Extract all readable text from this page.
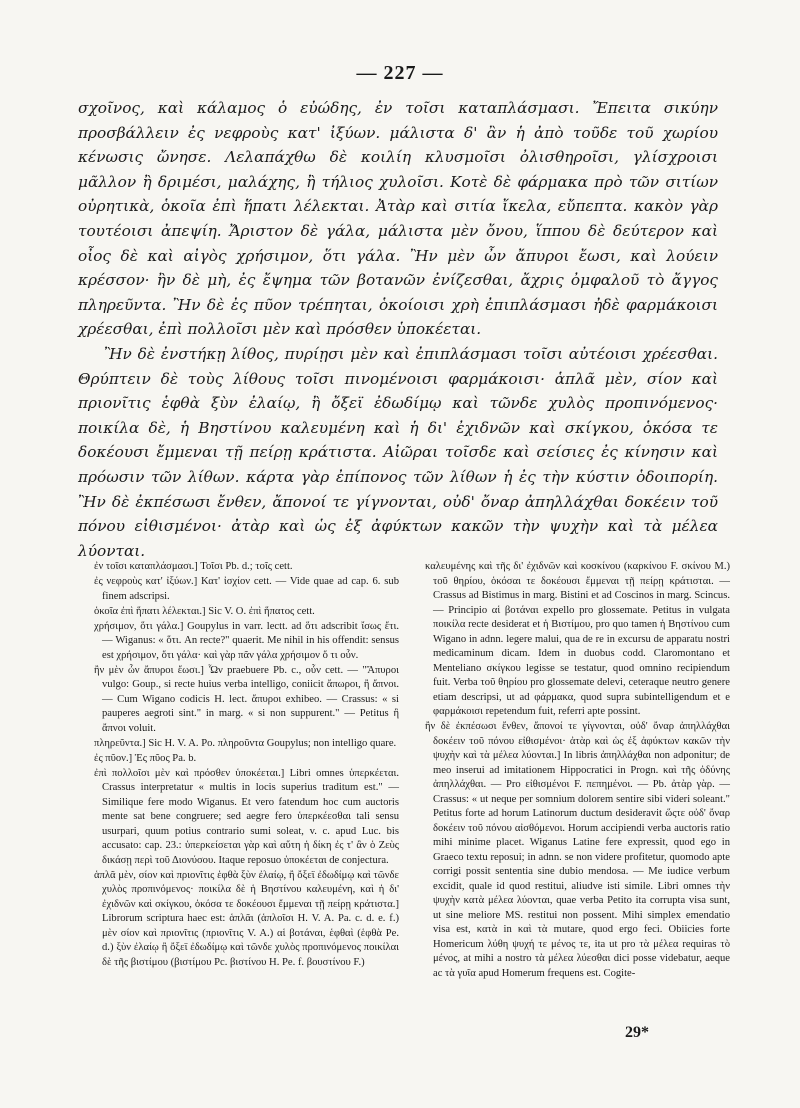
— 227 —

σχοῖνος, καὶ κάλαμος ὁ εὐώδης, ἐν τοῖσι καταπλάσμασι. Ἔπειτα σικύην προσβάλλειν ἐς νεφροὺς κατ' ἰξύων. μάλιστα δ' ἂν ἡ ἀπὸ τοῦδε τοῦ χωρίου κένωσις ὤνησε. Λελαπάχθω δὲ κοιλίη κλυσμοῖσι ὀλισθηροῖσι, γλίσχροισι μᾶλλον ἢ δριμέσι, μαλάχης, ἢ τήλιος χυλοῖσι. Κοτὲ δὲ φάρμακα πρὸ τῶν σιτίων οὐρητικὰ, ὁκοῖα ἐπὶ ἥπατι λέλεκται. Ἀτὰρ καὶ σιτία ἴκελα, εὔπεπτα. κακὸν γὰρ τουτέοισι ἀπεψίη. Ἄριστον δὲ γάλα, μάλιστα μὲν ὄνου, ἵππου δὲ δεύτερον καὶ οἶος δὲ καὶ αἰγὸς χρήσιμον, ὅτι γάλα. Ἢν μὲν ὦν ἄπυροι ἔωσι, καὶ λούειν κρέσσον· ἢν δὲ μὴ, ἐς ἔψημα τῶν βοτανῶν ἐνίζεσθαι, ἄχρις ὀμφαλοῦ τὸ ἄγγος πληρεῦντα. Ἢν δὲ ἐς πῦον τρέπηται, ὁκοίοισι χρὴ ἐπιπλάσμασι ἠδὲ φαρμάκοισι χρέεσθαι, ἐπὶ πολλοῖσι μὲν καὶ πρόσθεν ὑποκέεται.

Ἢν δὲ ἐνστήκῃ λίθος, πυρίῃσι μὲν καὶ ἐπιπλάσμασι τοῖσι αὐτέοισι χρέεσθαι. Θρύπτειν δὲ τοὺς λίθους τοῖσι πινομένοισι φαρμάκοισι· ἁπλᾶ μὲν, σίον καὶ πριονῖτις ἑφθὰ ξὺν ἐλαίῳ, ἢ ὄξεϊ ἐδωδίμῳ καὶ τῶνδε χυλὸς προπινόμενος· ποικίλα δὲ, ἡ Βηστίνου καλευμένη καὶ ἡ δι' ἐχιδνῶν καὶ σκίγκου, ὁκόσα τε δοκέουσι ἔμμεναι τῇ πείρῃ κράτιστα. Αἰῶραι τοῖσδε καὶ σείσιες ἐς κίνησιν καὶ πρόωσιν τῶν λίθων. κάρτα γὰρ ἐπίπονος τῶν λίθων ἡ ἐς τὴν κύστιν ὁδοιπορίη. Ἢν δὲ ἐκπέσωσι ἔνθεν, ἄπονοί τε γίγνονται, οὐδ' ὄναρ ἀπηλλάχθαι δοκέειν τοῦ πόνου εἰθισμένοι· ἀτὰρ καὶ ὡς ἐξ ἀφύκτων κακῶν τὴν ψυχὴν καὶ τὰ μέλεα λύονται.

ἐν τοῖσι καταπλάσμασι.] Τοῖσι Pb. d.; τοῖς cett.

ἐς νεφροὺς κατ' ἰξύων.] Κατ' ἰσχίον cett. — Vide quae ad cap. 6. sub finem adscripsi.

ὁκοῖα ἐπὶ ἥπατι λέλεκται.] Sic V. O. ἐπὶ ἥπατος cett.

χρήσιμον, ὅτι γάλα.] Goupylus in varr. lectt. ad ὅτι adscribit ἴσως ἔτι. — Wiganus: « ὅτι. An recte?" quaerit. Me nihil in his offendit: sensus est χρήσιμον, ὅτι γάλα· καὶ γὰρ πᾶν γάλα χρήσιμον ὅ τι οὖν.

ἢν μὲν ὦν ἄπυροι ἔωσι.] Ὧν praebuere Pb. c., οὖν cett. — "Ἄπυροι vulgo: Goup., si recte huius verba intelligo, coniicit ἄπωροι, ἢ ἄπνοι. — Cum Wigano codicis H. lect. ἄπυροι exhibeo. — Crassus: « si pauperes aegroti sint." in marg. « si non suppurent." — Petitus ἢ ἄπνοι voluit.

πληρεῦντα.] Sic H. V. A. Po. πληροῦντα Goupylus; non intelligo quare.

ἐς πῦον.] Ἐς πῦος Pa. b.

ἐπὶ πολλοῖσι μὲν καὶ πρόσθεν ὑποκέεται.] Libri omnes ὑπερκέεται. Crassus interpretatur « multis in locis superius traditum est." — Similique fere modo Wiganus. Et vero fatendum hoc cum auctoris mente sat bene congruere; sed aegre fero ὑπερκέεσθαι tali sensu usurpari, quum potius contrario sumi soleat, v. c. apud Luc. bis accusato: cap. 23.: ὑπερκείσεται γὰρ καὶ αὕτη ἡ δίκη ἐς τ' ἂν ὁ Ζεὺς δικάσῃ περὶ τοῦ Διονύσου. Itaque reposuo ὑποκέεται de conjectura.

ἁπλᾶ μὲν, σίον καὶ πριονῖτις ἑφθὰ ξὺν ἐλαίῳ, ἢ ὄξεϊ ἐδωδίμῳ καὶ τῶνδε χυλὸς προπινόμενος· ποικίλα δὲ ἡ Βηστίνου καλευμένη, καὶ ἡ δι' ἐχιδνῶν καὶ σκίγκου, ὁκόσα τε δοκέουσι ἔμμεναι τῇ πείρῃ κράτιστα.] Librorum scriptura haec est: ἁπλᾶι (ἁπλοῖσι H. V. A. Pa. c. d. e. f.) μὲν σίον καὶ πριονῖτις (πριονῖτις V. A.) αἱ βοτάναι, ἑφθαὶ (ἑφθὰ Pe. d.) ξὺν ἐλαίῳ ἢ ὄξεϊ ἐδωδίμῳ καὶ τῶνδε χυλὸς προπινόμενος ποικίλαι δὲ τῆς βιστίμου (βιστίμου Pc. βιστίνου H. Pe. f. βουστίνου F.)

καλευμένης καὶ τῆς δι' ἐχιδνῶν καὶ κοσκίνου (καρκίνου F. σκίνου M.) τοῦ θηρίου, ὁκόσαι τε δοκέουσι ἔμμεναι τῇ πείρῃ κράτισται. — Crassus ad Bistimus in marg. Bistini et ad Coscinos in marg. Scincus. — Principio αἱ βοτάναι expello pro glossemate. Petitus in vulgata ποικίλα recte desiderat et ἡ Βιστίμου, pro quo tamen ἡ Βηστίνου cum Wigano in adnn. legere malui, qua de re in excursu de apparatu nostri medicaminum dicam. Idem in duobus codd. Claromontano et Menteliano σκίγκου legisse se testatur, quod omnino recipiendum fuit. Verba τοῦ θηρίου pro glossemate delevi, ceteraque neutro genere etiam descripsi, ut ad φάρμακα, quod supra subintelligendum et e φαρμάκοισι repetendum fuit, referri apte possint.

ἢν δὲ ἐκπέσωσι ἔνθεν, ἄπονοί τε γίγνονται, οὐδ' ὄναρ ἀπηλλάχθαι δοκέειν τοῦ πόνου εἰθισμένοι· ἀτὰρ καὶ ὡς ἐξ ἀφύκτων κακῶν τὴν ψυχὴν καὶ τὰ μέλεα λύονται.] In libris ἀπηλλάχθαι non adponitur; de meo inserui ad imitationem Hippocratici in Progn. καὶ τῆς ὀδύνης ἀπηλλάχθαι. — Pro εἰθισμένοι F. πεπημένοι. — Pb. ἀτὰρ γὰρ. — Crassus: « ut neque per somnium dolorem sentire sibi videri soleant." Petitus forte ad horum Latinorum ductum desideravit ὥςτε οὐδ' ὄναρ δοκέειν τοῦ πόνου αἰσθόμενοι. Horum accipiendi verba auctoris ratio mihi minime placet. Wiganus Latine fere expressit, quod ego in Graeco textu reposui; in adnn. se non videre profitetur, quomodo apte corrigi possit sententia sine dubio mendosa. — Me iudice verbum excidit, quale id quod restitui, aliudve isti simile. Libri omnes τὴν ψυχὴν κατὰ μέλεα λύονται, quae verba Petito ita corrupta visa sunt, ut sine meliore MS. restitui non possent. Mihi simplex emendatio visa est, κατὰ in καὶ τὰ mutare, quod ergo feci. Obiicies forte Homericum λύθη ψυχή τε μένος τε, ita ut pro τὰ μέλεα requiras τὸ μένος, at mihi a nostro τὰ μέλεα λύεσθαι dici posse videbatur, aeque ac τὰ γυῖα apud Homerum frequens est. Cogite-

29*
